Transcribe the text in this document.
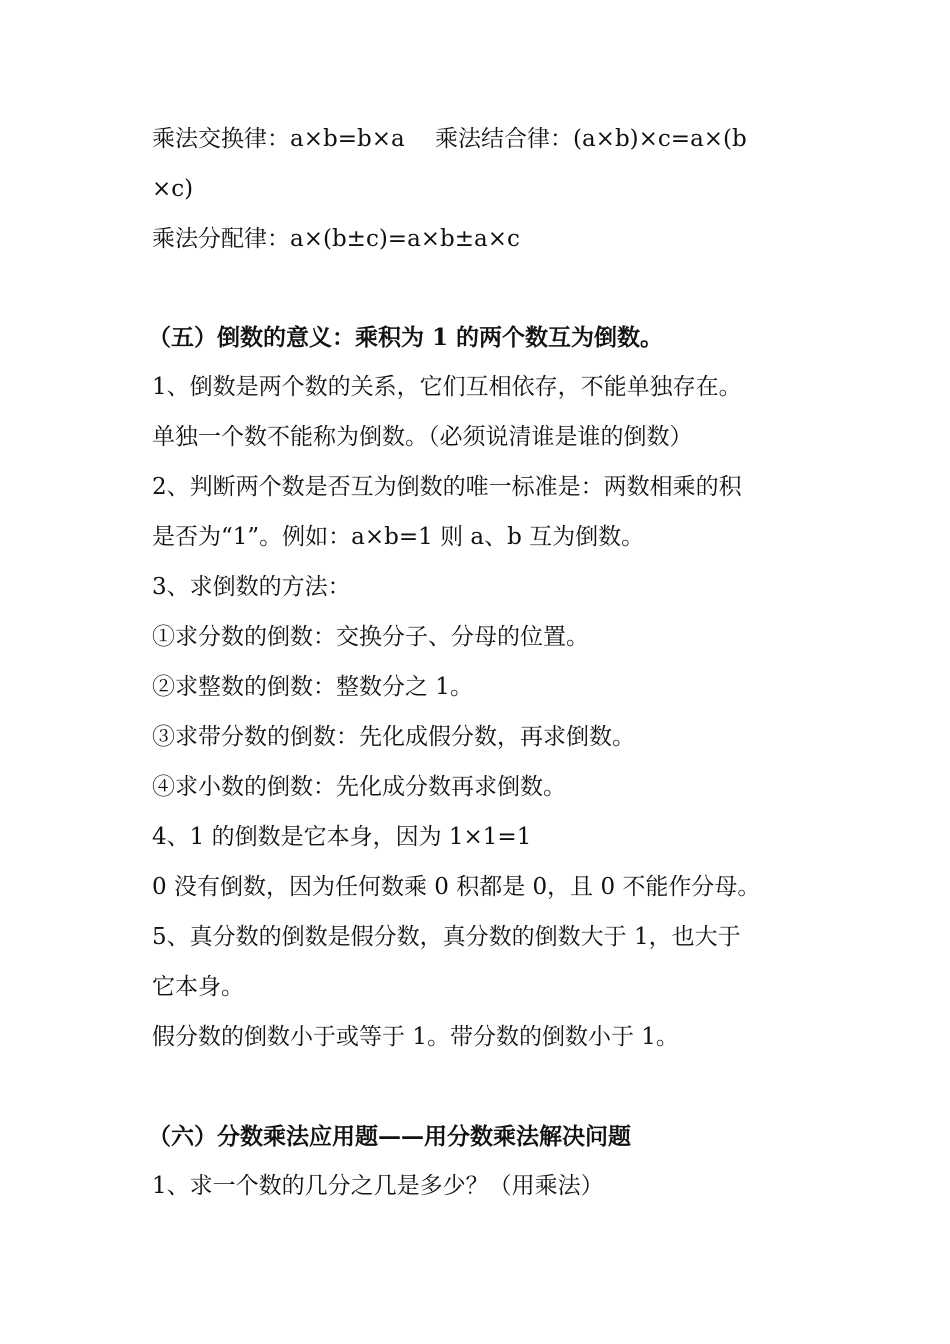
乘法交换律：a×b=b×a　 乘法结合律：(a×b)×c=a×(b
×c)
乘法分配律：a×(b±c)=a×b±a×c
（五）倒数的意义：乘积为 1 的两个数互为倒数。
1、倒数是两个数的关系，它们互相依存，不能单独存在。
单独一个数不能称为倒数。（必须说清谁是谁的倒数）
2、判断两个数是否互为倒数的唯一标准是：两数相乘的积
是否为“1”。例如：a×b=1 则 a、b 互为倒数。
3、求倒数的方法：
①求分数的倒数：交换分子、分母的位置。
②求整数的倒数：整数分之 1。
③求带分数的倒数：先化成假分数，再求倒数。
④求小数的倒数：先化成分数再求倒数。
4、1 的倒数是它本身，因为 1×1=1
0 没有倒数，因为任何数乘 0 积都是 0，且 0 不能作分母。
5、真分数的倒数是假分数，真分数的倒数大于 1，也大于
它本身。
假分数的倒数小于或等于 1。带分数的倒数小于 1。
（六）分数乘法应用题——用分数乘法解决问题
1、求一个数的几分之几是多少？（用乘法）
